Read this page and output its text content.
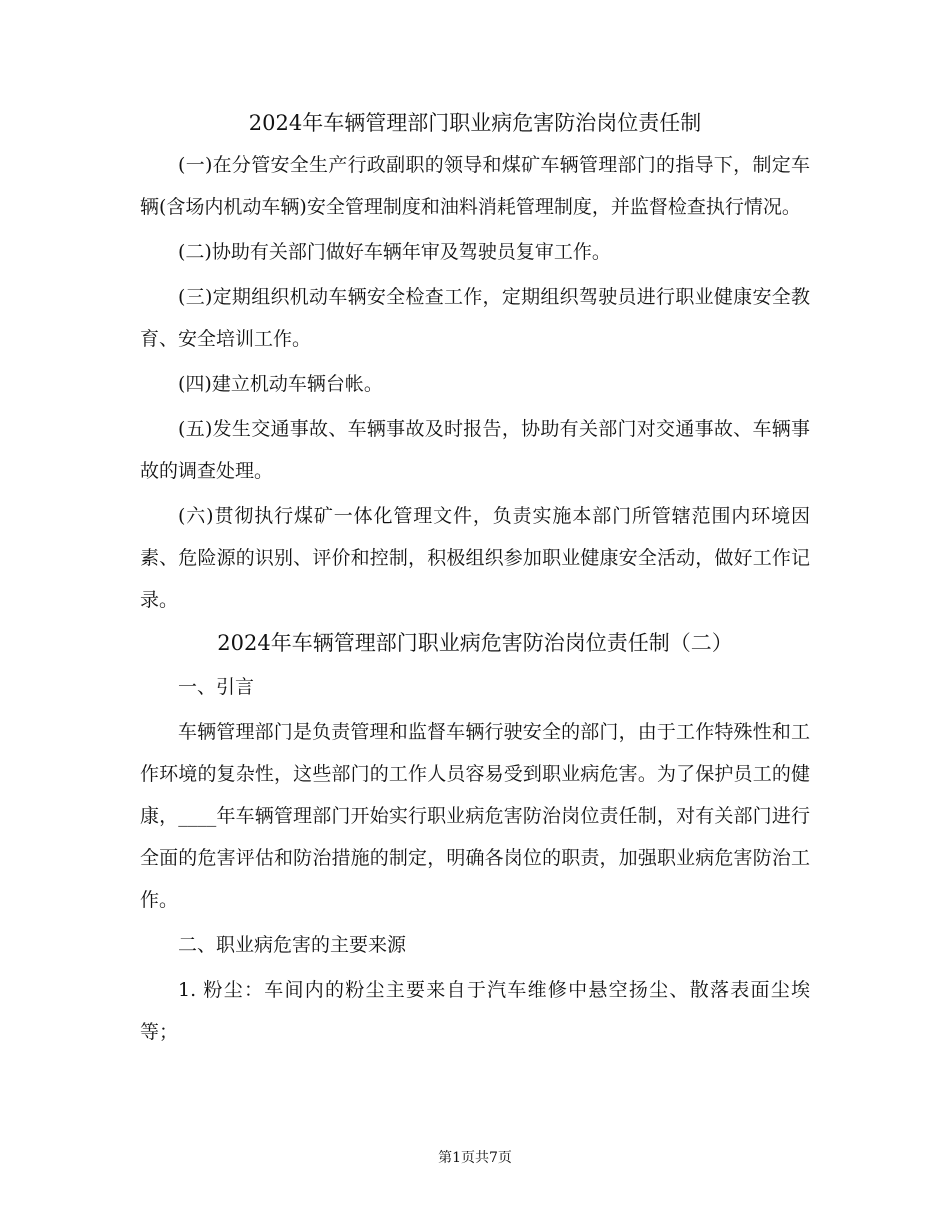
2024年车辆管理部门职业病危害防治岗位责任制

(一)在分管安全生产行政副职的领导和煤矿车辆管理部门的指导下，制定车辆(含场内机动车辆)安全管理制度和油料消耗管理制度，并监督检查执行情况。

(二)协助有关部门做好车辆年审及驾驶员复审工作。

(三)定期组织机动车辆安全检查工作，定期组织驾驶员进行职业健康安全教育、安全培训工作。

(四)建立机动车辆台帐。

(五)发生交通事故、车辆事故及时报告，协助有关部门对交通事故、车辆事故的调查处理。

(六)贯彻执行煤矿一体化管理文件，负责实施本部门所管辖范围内环境因素、危险源的识别、评价和控制，积极组织参加职业健康安全活动，做好工作记录。

2024年车辆管理部门职业病危害防治岗位责任制（二）

一、引言

车辆管理部门是负责管理和监督车辆行驶安全的部门，由于工作特殊性和工作环境的复杂性，这些部门的工作人员容易受到职业病危害。为了保护员工的健康，____年车辆管理部门开始实行职业病危害防治岗位责任制，对有关部门进行全面的危害评估和防治措施的制定，明确各岗位的职责，加强职业病危害防治工作。

二、职业病危害的主要来源

1. 粉尘：车间内的粉尘主要来自于汽车维修中悬空扬尘、散落表面尘埃等；

第1页共7页
